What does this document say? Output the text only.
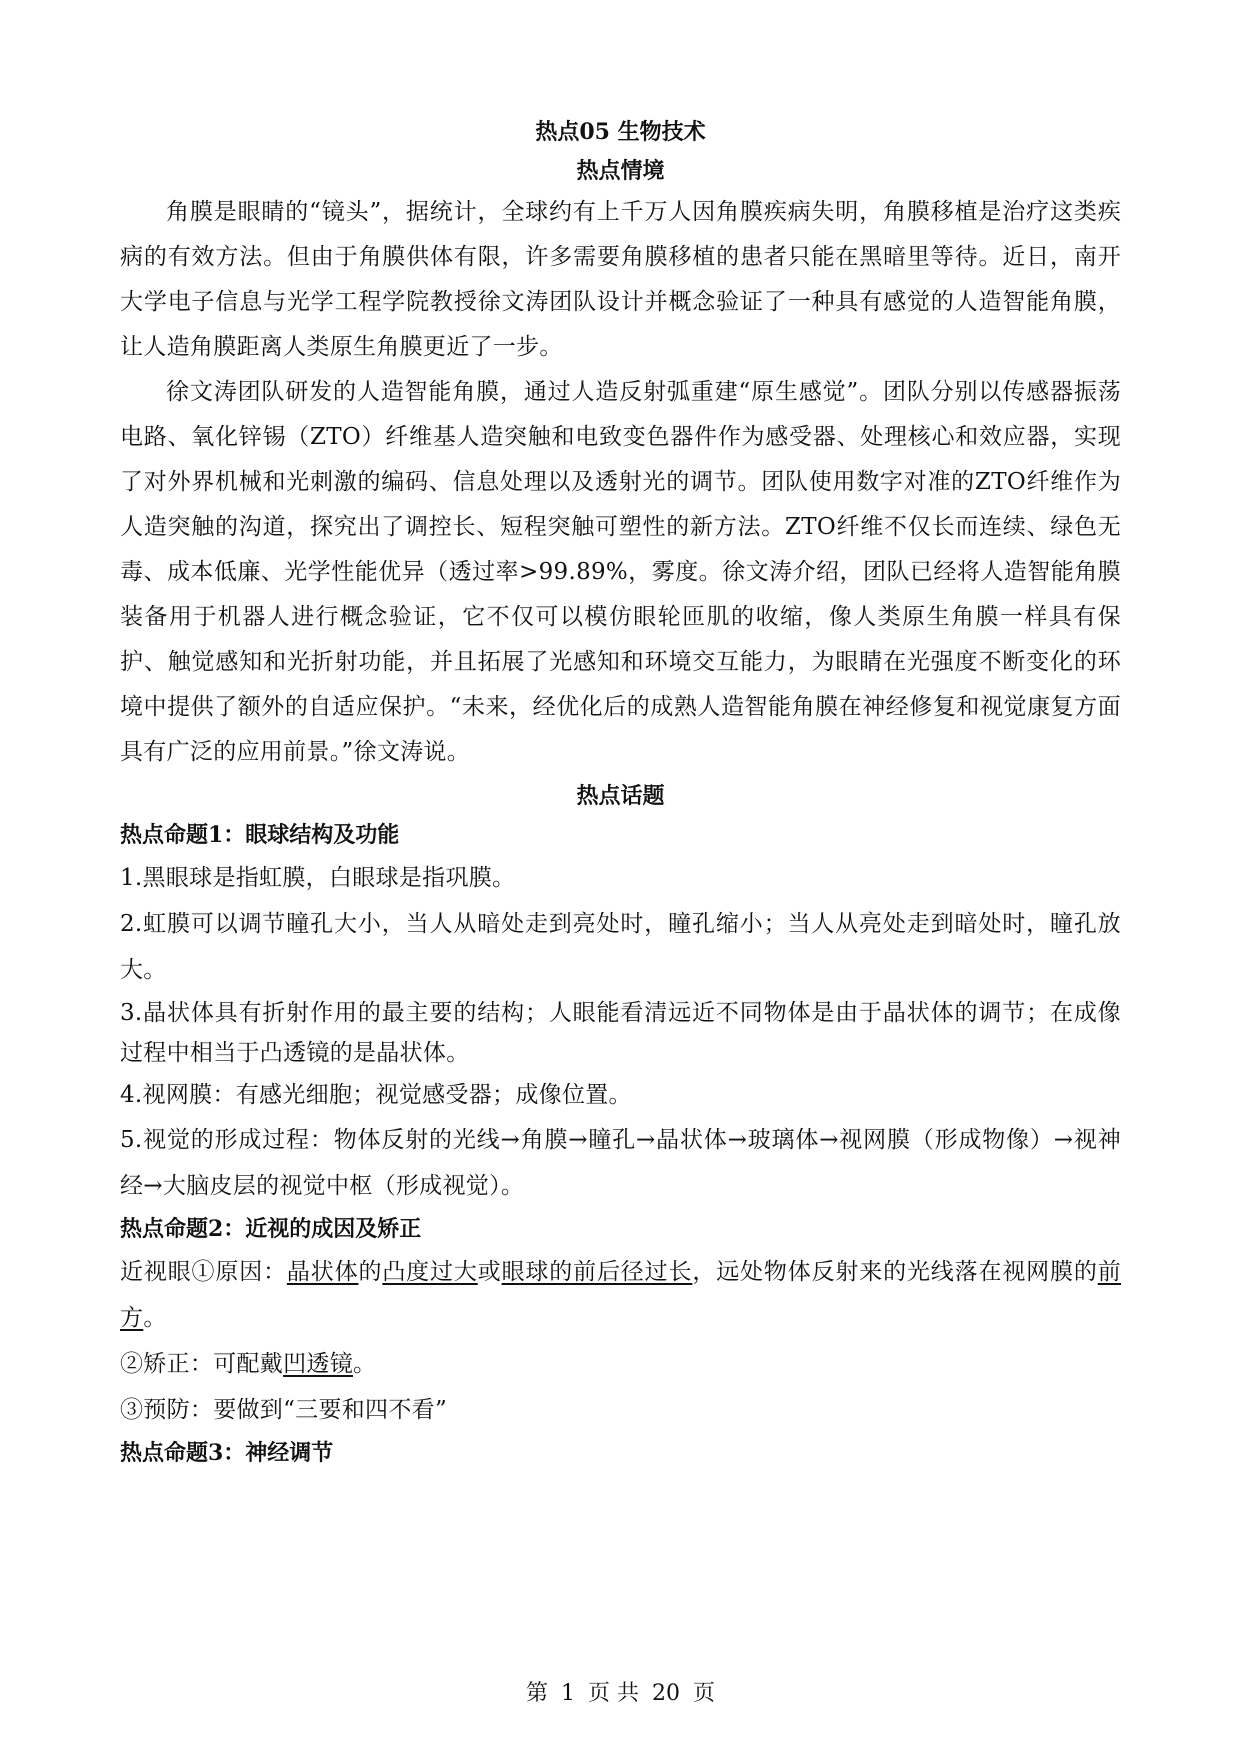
热点05 生物技术

热点情境

角膜是眼睛的“镜头”，据统计，全球约有上千万人因角膜疾病失明，角膜移植是治疗这类疾病的有效方法。但由于角膜供体有限，许多需要角膜移植的患者只能在黑暗里等待。近日，南开大学电子信息与光学工程学院教授徐文涛团队设计并概念验证了一种具有感觉的人造智能角膜，让人造角膜距离人类原生角膜更近了一步。

徐文涛团队研发的人造智能角膜，通过人造反射弧重建“原生感觉”。团队分别以传感器振荡电路、氧化锌锡（ZTO）纤维基人造突触和电致变色器件作为感受器、处理核心和效应器，实现了对外界机械和光刺激的编码、信息处理以及透射光的调节。团队使用数字对准的ZTO纤维作为人造突触的沟道，探究出了调控长、短程突触可塑性的新方法。ZTO纤维不仅长而连续、绿色无毒、成本低廉、光学性能优异（透过率>99.89%，雾度。徐文涛介绍，团队已经将人造智能角膜装备用于机器人进行概念验证，它不仅可以模仿眼轮匝肌的收缩，像人类原生角膜一样具有保护、触觉感知和光折射功能，并且拓展了光感知和环境交互能力，为眼睛在光强度不断变化的环境中提供了额外的自适应保护。“未来，经优化后的成熟人造智能角膜在神经修复和视觉康复方面具有广泛的应用前景。”徐文涛说。

热点话题

热点命题1：眼球结构及功能

1.黑眼球是指虹膜，白眼球是指巩膜。

2.虹膜可以调节瞳孔大小，当人从暗处走到亮处时，瞳孔缩小；当人从亮处走到暗处时，瞳孔放大。

3.晶状体具有折射作用的最主要的结构；人眼能看清远近不同物体是由于晶状体的调节；在成像过程中相当于凸透镜的是晶状体。

4.视网膜：有感光细胞；视觉感受器；成像位置。

5.视觉的形成过程：物体反射的光线→角膜→瞳孔→晶状体→玻璃体→视网膜（形成物像）→视神经→大脑皮层的视觉中枢（形成视觉）。

热点命题2：近视的成因及矫正

近视眼①原因：晶状体的凸度过大或眼球的前后径过长，远处物体反射来的光线落在视网膜的前方。

②矫正：可配戴凹透镜。

③预防：要做到“三要和四不看”

热点命题3：神经调节

第 1 页 共 20 页
